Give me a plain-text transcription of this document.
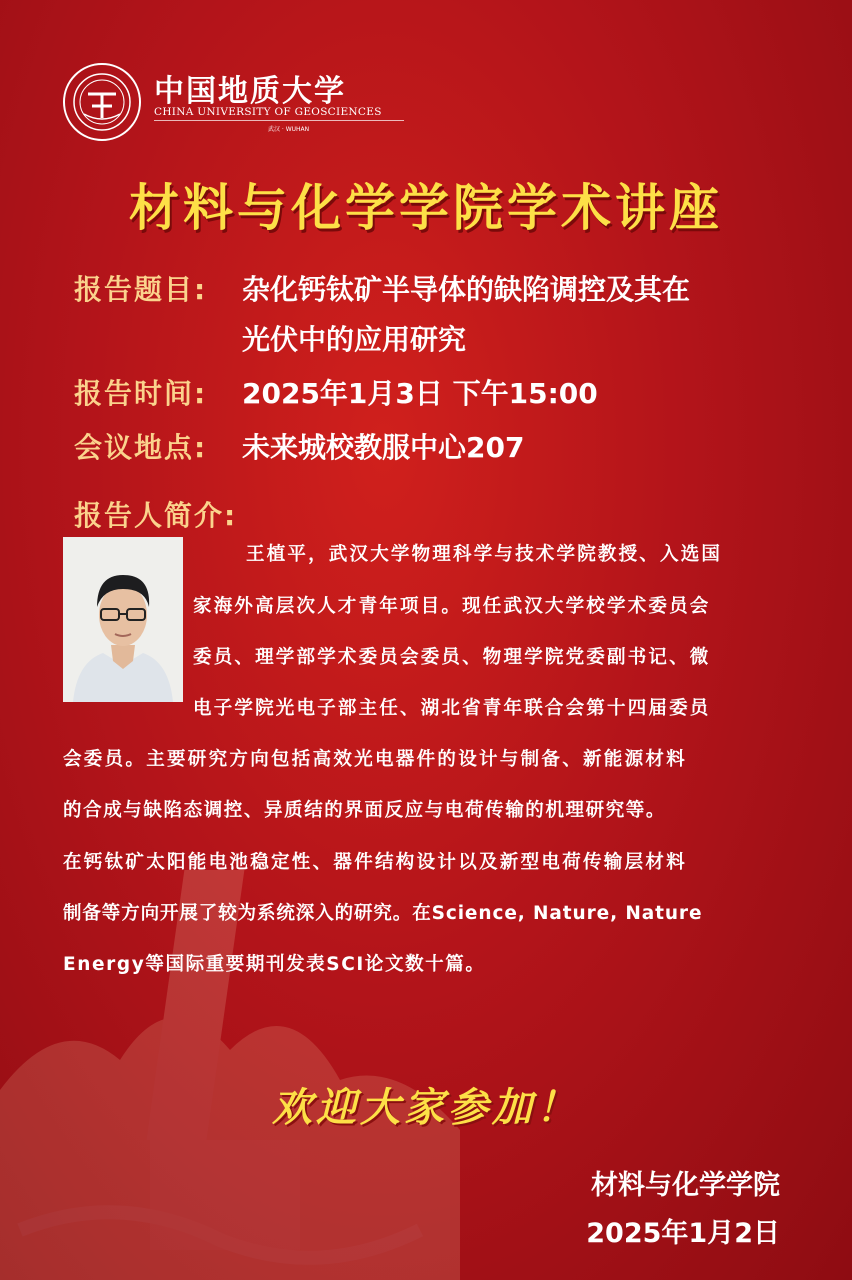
中国地质大学
CHINA UNIVERSITY OF GEOSCIENCES
武汉 · WUHAN
材料与化学学院学术讲座
报告题目: 杂化钙钛矿半导体的缺陷调控及其在
光伏中的应用研究
报告时间: 2025年1月3日 下午15:00
会议地点: 未来城校教服中心207
报告人简介:
王植平，武汉大学物理科学与技术学院教授、入选国
家海外高层次人才青年项目。现任武汉大学校学术委员会
委员、理学部学术委员会委员、物理学院党委副书记、微
电子学院光电子部主任、湖北省青年联合会第十四届委员
会委员。主要研究方向包括高效光电器件的设计与制备、新能源材料
的合成与缺陷态调控、异质结的界面反应与电荷传输的机理研究等。
在钙钛矿太阳能电池稳定性、器件结构设计以及新型电荷传输层材料
制备等方向开展了较为系统深入的研究。在Science, Nature, Nature
Energy等国际重要期刊发表SCI论文数十篇。
欢迎大家参加！
材料与化学学院
2025年1月2日
